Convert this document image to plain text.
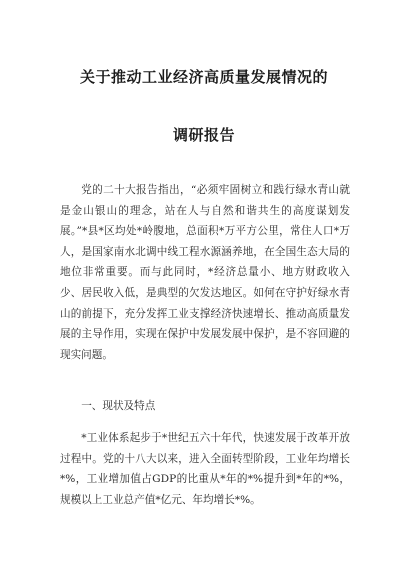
关于推动工业经济高质量发展情况的
调研报告
党的二十大报告指出，“必须牢固树立和践行绿水青山就是金山银山的理念，站在人与自然和谐共生的高度谋划发展。”*县*区均处*岭腹地，总面积*万平方公里，常住人口*万人，是国家南水北调中线工程水源涵养地，在全国生态大局的地位非常重要。而与此同时，*经济总量小、地方财政收入少、居民收入低，是典型的欠发达地区。如何在守护好绿水青山的前提下，充分发挥工业支撑经济快速增长、推动高质量发展的主导作用，实现在保护中发展发展中保护，是不容回避的现实问题。
一、现状及特点
*工业体系起步于*世纪五六十年代，快速发展于改革开放过程中。党的十八大以来，进入全面转型阶段，工业年均增长*%，工业增加值占GDP的比重从*年的*%提升到*年的*%，规模以上工业总产值*亿元、年均增长*%。
